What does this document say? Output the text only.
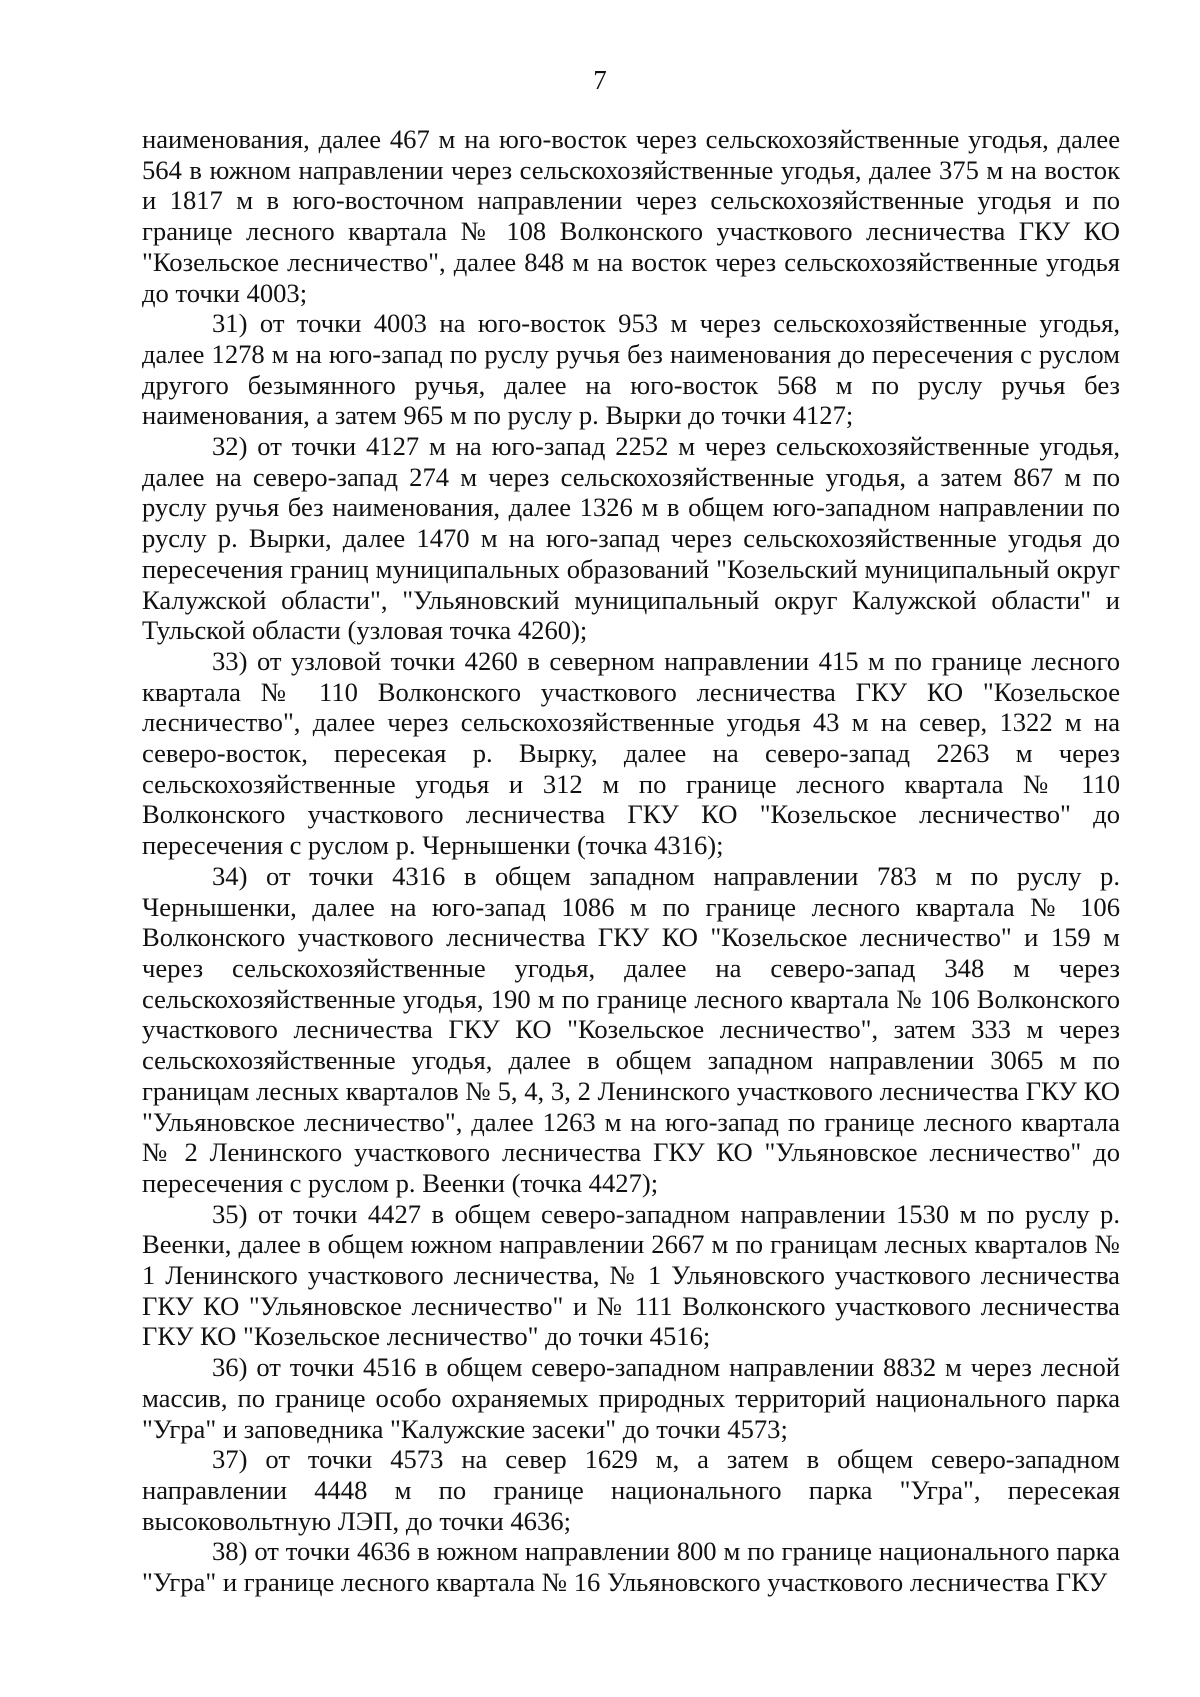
7

наименования, далее 467 м на юго-восток через сельскохозяйственные угодья, далее 564 в южном направлении через сельскохозяйственные угодья, далее 375 м на восток и 1817 м в юго-восточном направлении через сельскохозяйственные угодья и по границе лесного квартала № 108 Волконского участкового лесничества ГКУ КО "Козельское лесничество", далее 848 м на восток через сельскохозяйственные угодья до точки 4003;

31) от точки 4003 на юго-восток 953 м через сельскохозяйственные угодья, далее 1278 м на юго-запад по руслу ручья без наименования до пересечения с руслом другого безымянного ручья, далее на юго-восток 568 м по руслу ручья без наименования, а затем 965 м по руслу р. Вырки до точки 4127;

32) от точки 4127 м на юго-запад 2252 м через сельскохозяйственные угодья, далее на северо-запад 274 м через сельскохозяйственные угодья, а затем 867 м по руслу ручья без наименования, далее 1326 м в общем юго-западном направлении по руслу р. Вырки, далее 1470 м на юго-запад через сельскохозяйственные угодья до пересечения границ муниципальных образований "Козельский муниципальный округ Калужской области", "Ульяновский муниципальный округ Калужской области" и Тульской области (узловая точка 4260);

33) от узловой точки 4260 в северном направлении 415 м по границе лесного квартала № 110 Волконского участкового лесничества ГКУ КО "Козельское лесничество", далее через сельскохозяйственные угодья 43 м на север, 1322 м на северо-восток, пересекая р. Вырку, далее на северо-запад 2263 м через сельскохозяйственные угодья и 312 м по границе лесного квартала № 110 Волконского участкового лесничества ГКУ КО "Козельское лесничество" до пересечения с руслом р. Чернышенки (точка 4316);

34) от точки 4316 в общем западном направлении 783 м по руслу р. Чернышенки, далее на юго-запад 1086 м по границе лесного квартала № 106 Волконского участкового лесничества ГКУ КО "Козельское лесничество" и 159 м через сельскохозяйственные угодья, далее на северо-запад 348 м через сельскохозяйственные угодья, 190 м по границе лесного квартала № 106 Волконского участкового лесничества ГКУ КО "Козельское лесничество", затем 333 м через сельскохозяйственные угодья, далее в общем западном направлении 3065 м по границам лесных кварталов № 5, 4, 3, 2 Ленинского участкового лесничества ГКУ КО "Ульяновское лесничество", далее 1263 м на юго-запад по границе лесного квартала № 2 Ленинского участкового лесничества ГКУ КО "Ульяновское лесничество" до пересечения с руслом р. Веенки (точка 4427);

35) от точки 4427 в общем северо-западном направлении 1530 м по руслу р. Веенки, далее в общем южном направлении 2667 м по границам лесных кварталов № 1 Ленинского участкового лесничества, № 1 Ульяновского участкового лесничества ГКУ КО "Ульяновское лесничество" и № 111 Волконского участкового лесничества ГКУ КО "Козельское лесничество" до точки 4516;

36) от точки 4516 в общем северо-западном направлении 8832 м через лесной массив, по границе особо охраняемых природных территорий национального парка "Угра" и заповедника "Калужские засеки" до точки 4573;

37) от точки 4573 на север 1629 м, а затем в общем северо-западном направлении 4448 м по границе национального парка "Угра", пересекая высоковольтную ЛЭП, до точки 4636;

38) от точки 4636 в южном направлении 800 м по границе национального парка "Угра" и границе лесного квартала № 16 Ульяновского участкового лесничества ГКУ
